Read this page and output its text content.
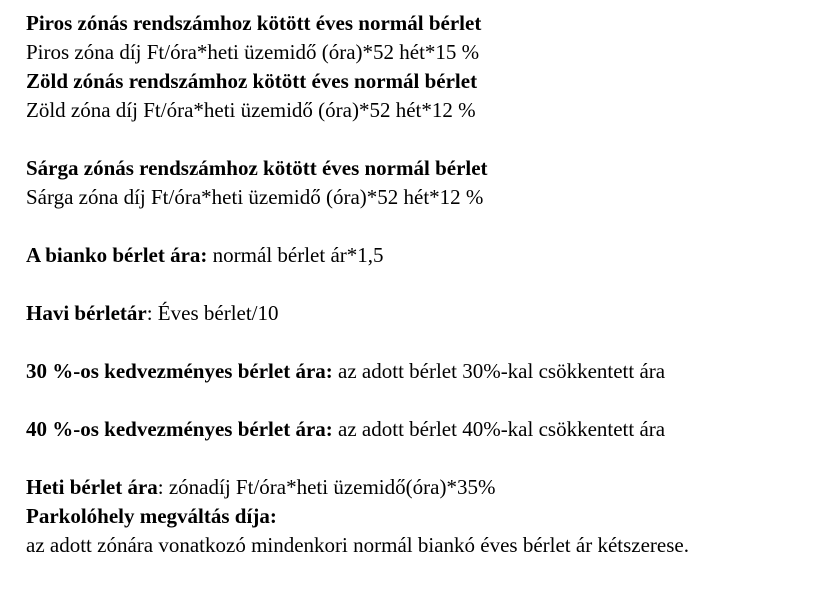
Piros zónás rendszámhoz kötött éves normál bérlet
Piros zóna díj Ft/óra*heti üzemidő (óra)*52 hét*15 %
Zöld zónás rendszámhoz kötött éves normál bérlet
Zöld zóna díj Ft/óra*heti üzemidő (óra)*52 hét*12 %
Sárga zónás rendszámhoz kötött éves normál bérlet
Sárga zóna díj Ft/óra*heti üzemidő (óra)*52 hét*12 %
A bianko bérlet ára: normál bérlet ár*1,5
Havi bérletár: Éves bérlet/10
30 %-os kedvezményes bérlet ára: az adott bérlet 30%-kal csökkentett ára
40 %-os kedvezményes bérlet ára: az adott bérlet 40%-kal csökkentett ára
Heti bérlet ára: zónadíj Ft/óra*heti üzemidő(óra)*35%
Parkolóhely megváltás díja:
az adott zónára vonatkozó mindenkori normál biankó éves bérlet ár kétszerese.
